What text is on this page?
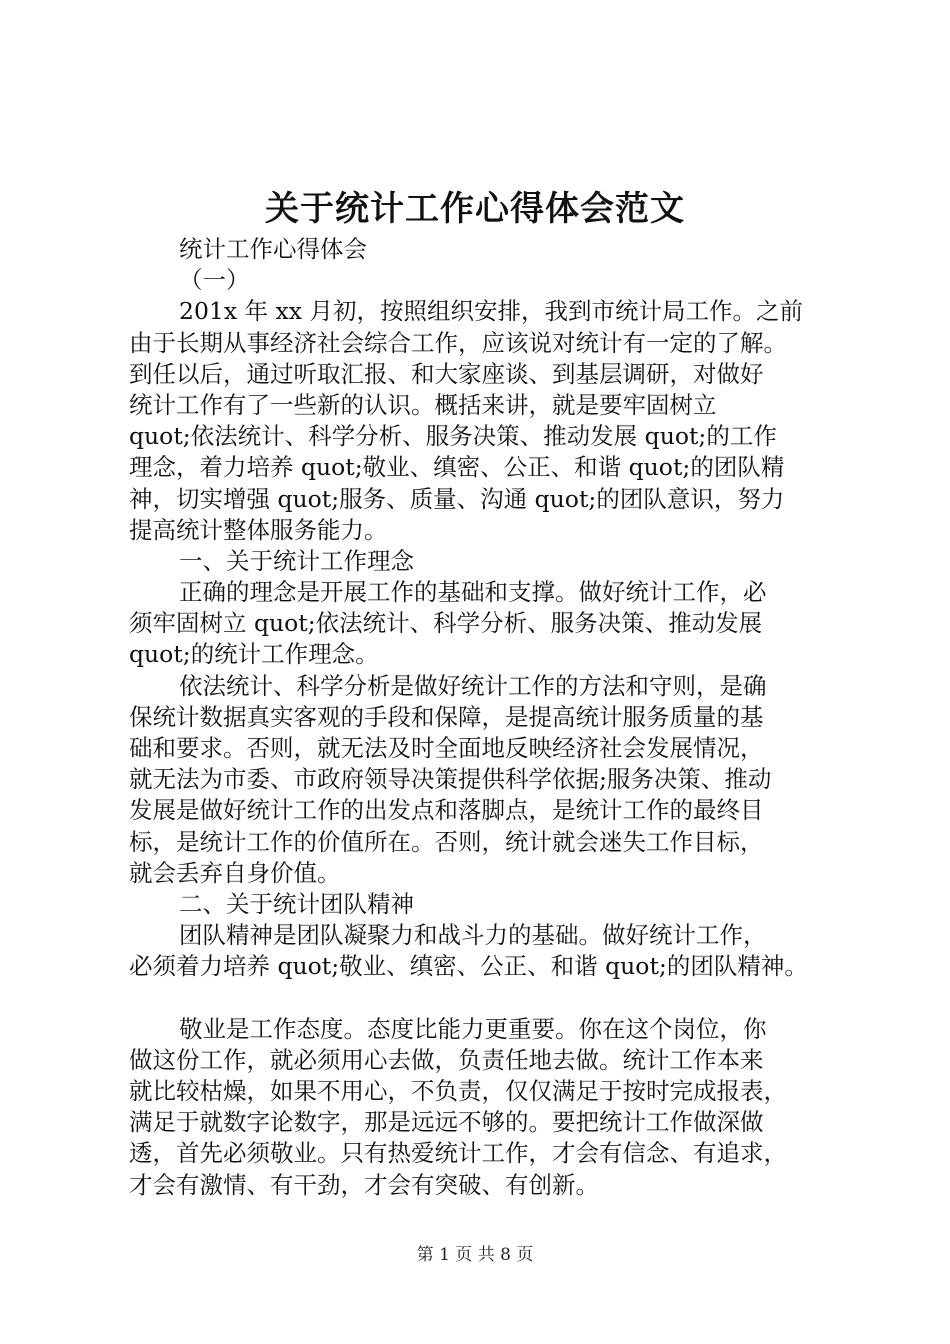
关于统计工作心得体会范文
统计工作心得体会
（一）
201x 年 xx 月初，按照组织安排，我到市统计局工作。之前
由于长期从事经济社会综合工作，应该说对统计有一定的了解。
到任以后，通过听取汇报、和大家座谈、到基层调研，对做好
统计工作有了一些新的认识。概括来讲，就是要牢固树立
quot;依法统计、科学分析、服务决策、推动发展 quot;的工作
理念，着力培养 quot;敬业、缜密、公正、和谐 quot;的团队精
神，切实增强 quot;服务、质量、沟通 quot;的团队意识，努力
提高统计整体服务能力。
一、关于统计工作理念
正确的理念是开展工作的基础和支撑。做好统计工作，必
须牢固树立 quot;依法统计、科学分析、服务决策、推动发展
quot;的统计工作理念。
依法统计、科学分析是做好统计工作的方法和守则，是确
保统计数据真实客观的手段和保障，是提高统计服务质量的基
础和要求。否则，就无法及时全面地反映经济社会发展情况，
就无法为市委、市政府领导决策提供科学依据;服务决策、推动
发展是做好统计工作的出发点和落脚点，是统计工作的最终目
标，是统计工作的价值所在。否则，统计就会迷失工作目标，
就会丢弃自身价值。
二、关于统计团队精神
团队精神是团队凝聚力和战斗力的基础。做好统计工作，
必须着力培养 quot;敬业、缜密、公正、和谐 quot;的团队精神。
敬业是工作态度。态度比能力更重要。你在这个岗位，你
做这份工作，就必须用心去做，负责任地去做。统计工作本来
就比较枯燥，如果不用心，不负责，仅仅满足于按时完成报表，
满足于就数字论数字，那是远远不够的。要把统计工作做深做
透，首先必须敬业。只有热爱统计工作，才会有信念、有追求，
才会有激情、有干劲，才会有突破、有创新。
第 1 页 共 8 页
